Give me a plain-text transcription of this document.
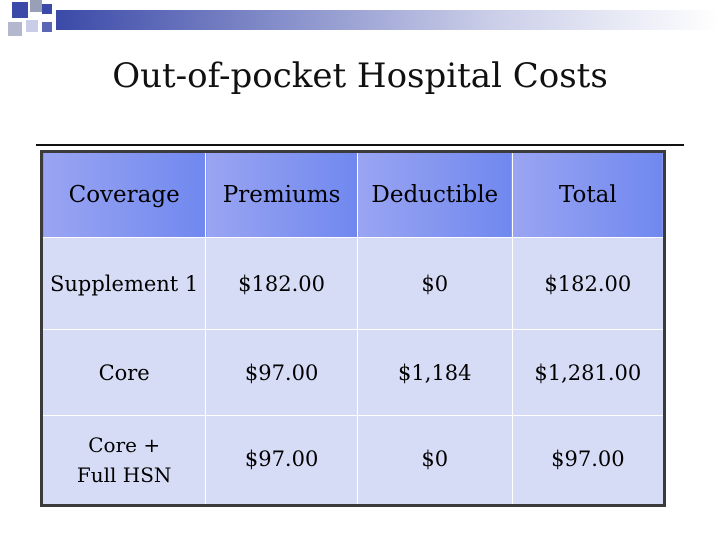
Out-of-pocket Hospital Costs
Coverage	Premiums	Deductible	Total
Supplement 1	$182.00	$0	$182.00
Core	$97.00	$1,184	$1,281.00
Core +
Full HSN	$97.00	$0	$97.00
